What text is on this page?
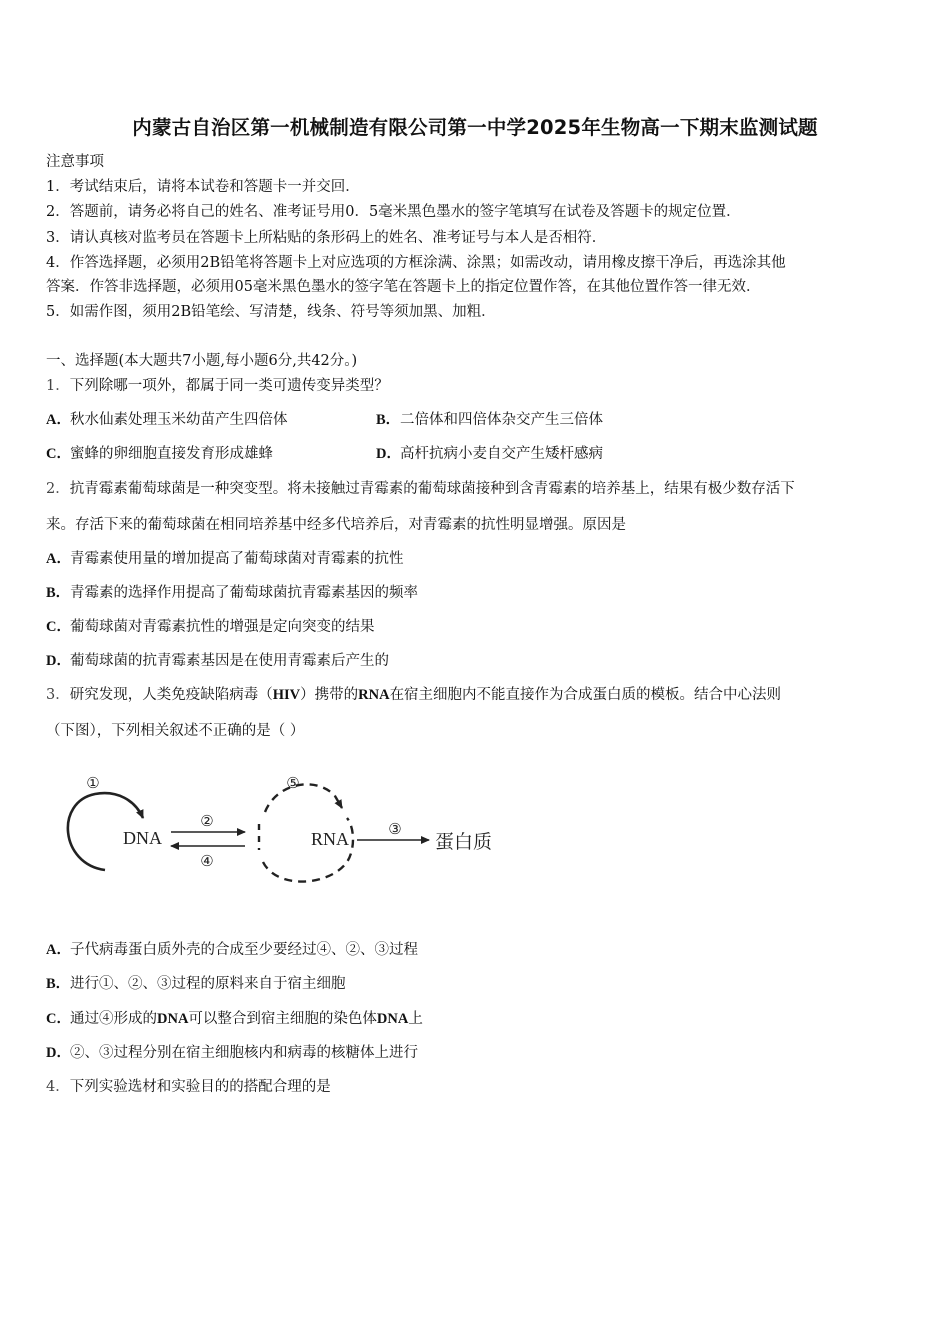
内蒙古自治区第一机械制造有限公司第一中学2025年生物高一下期末监测试题
注意事项
1．考试结束后，请将本试卷和答题卡一并交回．
2．答题前，请务必将自己的姓名、准考证号用0．5毫米黑色墨水的签字笔填写在试卷及答题卡的规定位置．
3．请认真核对监考员在答题卡上所粘贴的条形码上的姓名、准考证号与本人是否相符．
4．作答选择题，必须用2B铅笔将答题卡上对应选项的方框涂满、涂黑；如需改动，请用橡皮擦干净后，再选涂其他
答案．作答非选择题，必须用05毫米黑色墨水的签字笔在答题卡上的指定位置作答，在其他位置作答一律无效．
5．如需作图，须用2B铅笔绘、写清楚，线条、符号等须加黑、加粗．
一、选择题(本大题共7小题,每小题6分,共42分。)
1．下列除哪一项外，都属于同一类可遗传变异类型？
A．秋水仙素处理玉米幼苗产生四倍体	B．二倍体和四倍体杂交产生三倍体
C．蜜蜂的卵细胞直接发育形成雄蜂	D．高杆抗病小麦自交产生矮杆感病
2．抗青霉素葡萄球菌是一种突变型。将未接触过青霉素的葡萄球菌接种到含青霉素的培养基上，结果有极少数存活下
来。存活下来的葡萄球菌在相同培养基中经多代培养后，对青霉素的抗性明显增强。原因是
A．青霉素使用量的增加提高了葡萄球菌对青霉素的抗性
B．青霉素的选择作用提高了葡萄球菌抗青霉素基因的频率
C．葡萄球菌对青霉素抗性的增强是定向突变的结果
D．葡萄球菌的抗青霉素基因是在使用青霉素后产生的
3．研究发现，人类免疫缺陷病毒（HIV）携带的RNA在宿主细胞内不能直接作为合成蛋白质的模板。结合中心法则
（下图），下列相关叙述不正确的是（ ）
①
DNA
②
④
⑤
RNA	③
蛋白质
A．子代病毒蛋白质外壳的合成至少要经过④、②、③过程
B．进行①、②、③过程的原料来自于宿主细胞
C．通过④形成的DNA可以整合到宿主细胞的染色体DNA上
D．②、③过程分别在宿主细胞核内和病毒的核糖体上进行
4．下列实验选材和实验目的的搭配合理的是
